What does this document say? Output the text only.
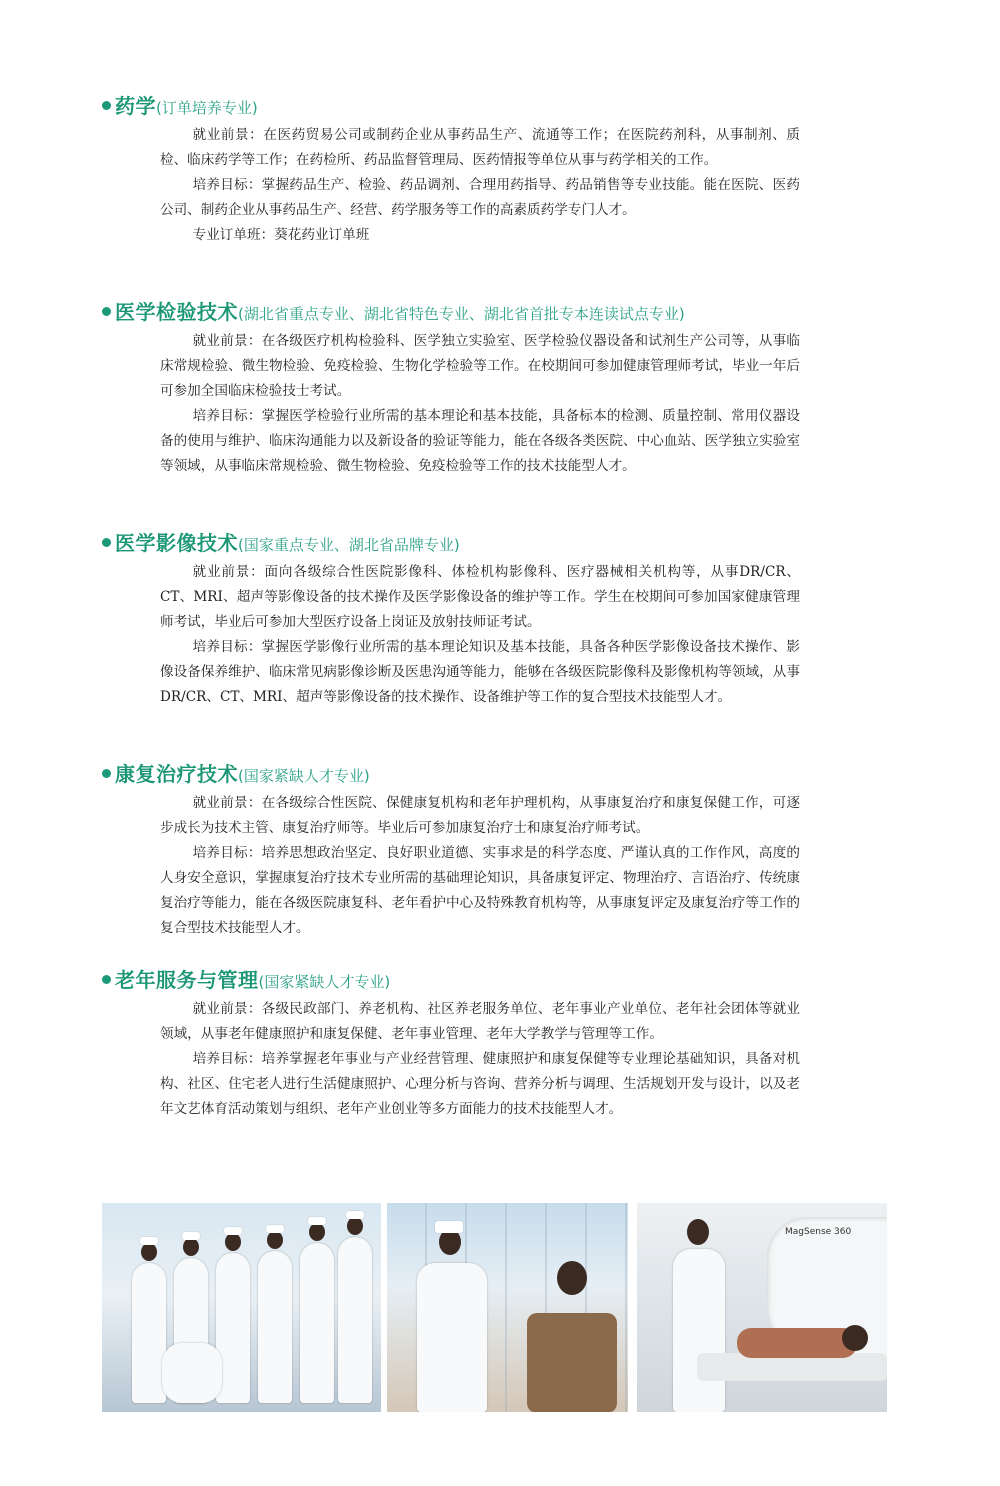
药学 ( 订单培养专业 )

就业前景：在医药贸易公司或制药企业从事药品生产、流通等工作；在医院药剂科，从事制剂、质检、临床药学等工作；在药检所、药品监督管理局、医药情报等单位从事与药学相关的工作。

培养目标：掌握药品生产、检验、药品调剂、合理用药指导、药品销售等专业技能。能在医院、医药公司、制药企业从事药品生产、经营、药学服务等工作的高素质药学专门人才。

专业订单班：葵花药业订单班

医学检验技术 ( 湖北省重点专业、湖北省特色专业、湖北省首批专本连读试点专业 )

就业前景：在各级医疗机构检验科、医学独立实验室、医学检验仪器设备和试剂生产公司等，从事临床常规检验、微生物检验、免疫检验、生物化学检验等工作。在校期间可参加健康管理师考试，毕业一年后可参加全国临床检验技士考试。

培养目标：掌握医学检验行业所需的基本理论和基本技能，具备标本的检测、质量控制、常用仪器设备的使用与维护、临床沟通能力以及新设备的验证等能力，能在各级各类医院、中心血站、医学独立实验室等领域，从事临床常规检验、微生物检验、免疫检验等工作的技术技能型人才。

医学影像技术 ( 国家重点专业、湖北省品牌专业 )

就业前景：面向各级综合性医院影像科、体检机构影像科、医疗器械相关机构等，从事DR/CR、CT、MRI、超声等影像设备的技术操作及医学影像设备的维护等工作。学生在校期间可参加国家健康管理师考试，毕业后可参加大型医疗设备上岗证及放射技师证考试。

培养目标：掌握医学影像行业所需的基本理论知识及基本技能，具备各种医学影像设备技术操作、影像设备保养维护、临床常见病影像诊断及医患沟通等能力，能够在各级医院影像科及影像机构等领域，从事DR/CR、CT、MRI、超声等影像设备的技术操作、设备维护等工作的复合型技术技能型人才。

康复治疗技术 ( 国家紧缺人才专业 )

就业前景：在各级综合性医院、保健康复机构和老年护理机构，从事康复治疗和康复保健工作，可逐步成长为技术主管、康复治疗师等。毕业后可参加康复治疗士和康复治疗师考试。

培养目标：培养思想政治坚定、良好职业道德、实事求是的科学态度、严谨认真的工作作风，高度的人身安全意识，掌握康复治疗技术专业所需的基础理论知识，具备康复评定、物理治疗、言语治疗、传统康复治疗等能力，能在各级医院康复科、老年看护中心及特殊教育机构等，从事康复评定及康复治疗等工作的复合型技术技能型人才。

老年服务与管理 ( 国家紧缺人才专业 )

就业前景：各级民政部门、养老机构、社区养老服务单位、老年事业产业单位、老年社会团体等就业领域，从事老年健康照护和康复保健、老年事业管理、老年大学教学与管理等工作。

培养目标：培养掌握老年事业与产业经营管理、健康照护和康复保健等专业理论基础知识，具备对机构、社区、住宅老人进行生活健康照护、心理分析与咨询、营养分析与调理、生活规划开发与设计，以及老年文艺体育活动策划与组织、老年产业创业等多方面能力的技术技能型人才。

MagSense 360
